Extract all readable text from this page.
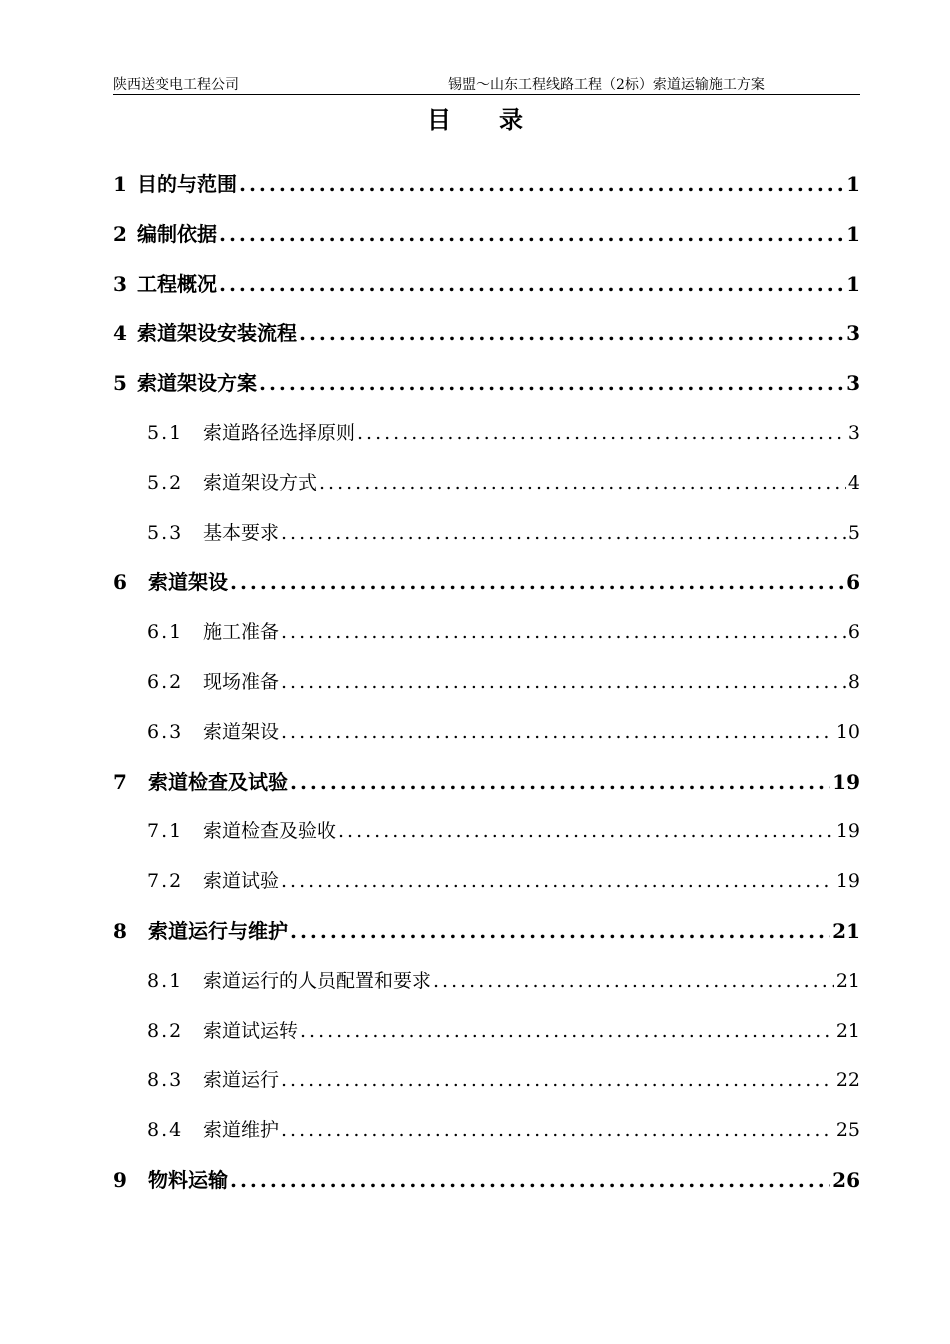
陕西送变电工程公司	锡盟～山东工程线路工程（2标）索道运输施工方案
目录
1 目的与范围 .....	1
2 编制依据 .....	1
3 工程概况 .....	1
4 索道架设安装流程 .....	3
5 索道架设方案 .....	3
5.1	索道路径选择原则 .....	3
5.2	索道架设方式 .....	4
5.3	基本要求 .....	5
6	索道架设 .....	6
6.1	施工准备 .....	6
6.2	现场准备 .....	8
6.3	索道架设 .....	10
7	索道检查及试验 .....	19
7.1	索道检查及验收 .....	19
7.2	索道试验 .....	19
8	索道运行与维护 .....	21
8.1	索道运行的人员配置和要求 .....	21
8.2	索道试运转 .....	21
8.3	索道运行 .....	22
8.4	索道维护 .....	25
9	物料运输 .....	26
